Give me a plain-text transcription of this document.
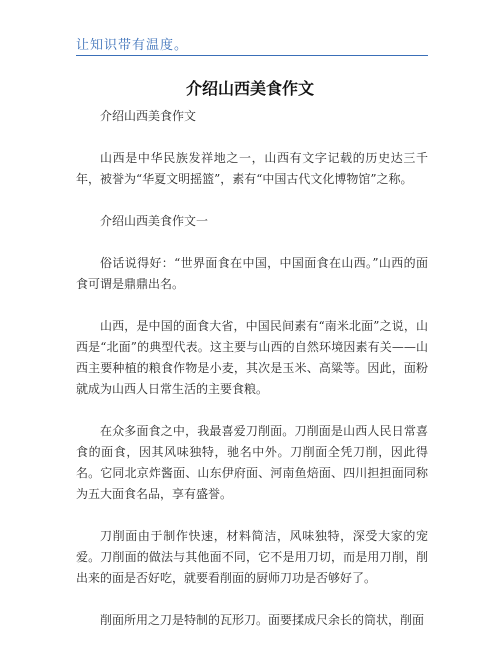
让知识带有温度。
介绍山西美食作文

介绍山西美食作文

山西是中华民族发祥地之一，山西有文字记载的历史达三千年，被誉为“华夏文明摇篮”，素有“中国古代文化博物馆”之称。

介绍山西美食作文一

俗话说得好：“世界面食在中国，中国面食在山西。”山西的面食可谓是鼎鼎出名。

山西，是中国的面食大省，中国民间素有“南米北面”之说，山西是“北面”的典型代表。这主要与山西的自然环境因素有关——山西主要种植的粮食作物是小麦，其次是玉米、高粱等。因此，面粉就成为山西人日常生活的主要食粮。

在众多面食之中，我最喜爱刀削面。刀削面是山西人民日常喜食的面食，因其风味独特，驰名中外。刀削面全凭刀削，因此得名。它同北京炸酱面、山东伊府面、河南鱼焙面、四川担担面同称为五大面食名品，享有盛誉。

刀削面由于制作快速，材料简洁，风味独特，深受大家的宠爱。刀削面的做法与其他面不同，它不是用刀切，而是用刀削，削出来的面是否好吃，就要看削面的厨师刀功是否够好了。

削面所用之刀是特制的瓦形刀。面要揉成尺余长的筒状，削面
